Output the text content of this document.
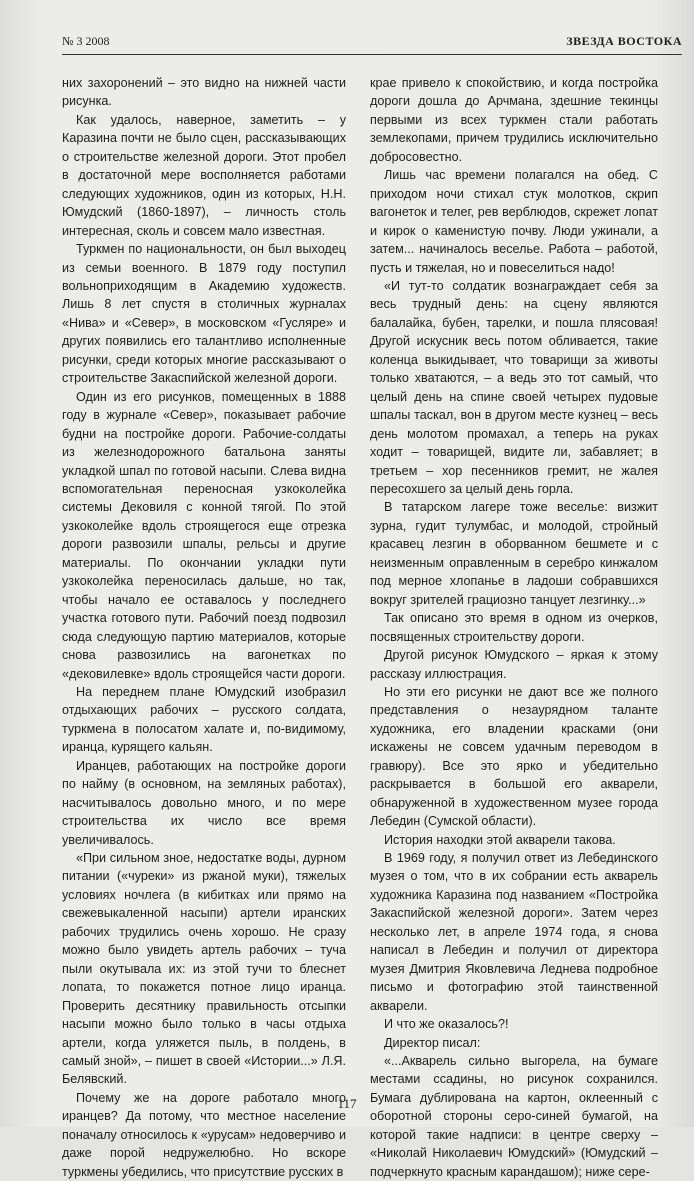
№ 3 2008	ЗВЕЗДА ВОСТОКА

них захоронений – это видно на нижней части рисунка.

Как удалось, наверное, заметить – у Каразина почти не было сцен, рассказывающих о строительстве железной дороги. Этот пробел в достаточной мере восполняется работами следующих художников, один из которых, Н.Н. Юмудский (1860-1897), – личность столь интересная, сколь и совсем мало известная.

Туркмен по национальности, он был выходец из семьи военного. В 1879 году поступил вольноприходящим в Академию художеств. Лишь 8 лет спустя в столичных журналах «Нива» и «Север», в московском «Гусляре» и других появились его талантливо исполненные рисунки, среди которых многие рассказывают о строительстве Закаспийской железной дороги.

Один из его рисунков, помещенных в 1888 году в журнале «Север», показывает рабочие будни на постройке дороги. Рабочие-солдаты из железнодорожного батальона заняты укладкой шпал по готовой насыпи. Слева видна вспомогательная переносная узкоколейка системы Дековиля с конной тягой. По этой узкоколейке вдоль строящегося еще отрезка дороги развозили шпалы, рельсы и другие материалы. По окончании укладки пути узкоколейка переносилась дальше, но так, чтобы начало ее оставалось у последнего участка готового пути. Рабочий поезд подвозил сюда следующую партию материалов, которые снова развозились на вагонетках по «дековилевке» вдоль строящейся части дороги.

На переднем плане Юмудский изобразил отдыхающих рабочих – русского солдата, туркмена в полосатом халате и, по-видимому, иранца, курящего кальян.

Иранцев, работающих на постройке дороги по найму (в основном, на земляных работах), насчитывалось довольно много, и по мере строительства их число все время увеличивалось.

«При сильном зное, недостатке воды, дурном питании («чуреки» из ржаной муки), тяжелых условиях ночлега (в кибитках или прямо на свежевыкаленной насыпи) артели иранских рабочих трудились очень хорошо. Не сразу можно было увидеть артель рабочих – туча пыли окутывала их: из этой тучи то блеснет лопата, то покажется потное лицо иранца. Проверить десятнику правильность отсыпки насыпи можно было только в часы отдыха артели, когда уляжется пыль, в полдень, в самый зной», – пишет в своей «Истории...» Л.Я. Белявский.

Почему же на дороге работало много иранцев? Да потому, что местное население поначалу относилось к «урусам» недоверчиво и даже порой недружелюбно. Но вскоре туркмены убедились, что присутствие русских в

крае привело к спокойствию, и когда постройка дороги дошла до Арчмана, здешние текинцы первыми из всех туркмен стали работать землекопами, причем трудились исключительно добросовестно.

Лишь час времени полагался на обед. С приходом ночи стихал стук молотков, скрип вагонеток и телег, рев верблюдов, скрежет лопат и кирок о каменистую почву. Люди ужинали, а затем... начиналось веселье. Работа – работой, пусть и тяжелая, но и повеселиться надо!

«И тут-то солдатик вознаграждает себя за весь трудный день: на сцену являются балалайка, бубен, тарелки, и пошла плясовая! Другой искусник весь потом обливается, такие коленца выкидывает, что товарищи за животы только хватаются, – а ведь это тот самый, что целый день на спине своей четырех пудовые шпалы таскал, вон в другом месте кузнец – весь день молотом промахал, а теперь на руках ходит – товарищей, видите ли, забавляет; в третьем – хор песенников гремит, не жалея пересохшего за целый день горла.

В татарском лагере тоже веселье: визжит зурна, гудит тулумбас, и молодой, стройный красавец лезгин в оборванном бешмете и с неизменным оправленным в серебро кинжалом под мерное хлопанье в ладоши собравшихся вокруг зрителей грациозно танцует лезгинку...»

Так описано это время в одном из очерков, посвященных строительству дороги.

Другой рисунок Юмудского – яркая к этому рассказу иллюстрация.

Но эти его рисунки не дают все же полного представления о незаурядном таланте художника, его владении красками (они искажены не совсем удачным переводом в гравюру). Все это ярко и убедительно раскрывается в большой его акварели, обнаруженной в художественном музее города Лебедин (Сумской области).

История находки этой акварели такова.

В 1969 году, я получил ответ из Лебединского музея о том, что в их собрании есть акварель художника Каразина под названием «Постройка Закаспийской железной дороги». Затем через несколько лет, в апреле 1974 года, я снова написал в Лебедин и получил от директора музея Дмитрия Яковлевича Леднева подробное письмо и фотографию этой таинственной акварели.

И что же оказалось?!

Директор писал:

«...Акварель сильно выгорела, на бумаге местами ссадины, но рисунок сохранился. Бумага дублирована на картон, оклеенный с оборотной стороны серо-синей бумагой, на которой такие надписи: в центре сверху – «Николай Николаевич Юмудский» (Юмудский – подчеркнуто красным карандашом); ниже сере-

117
